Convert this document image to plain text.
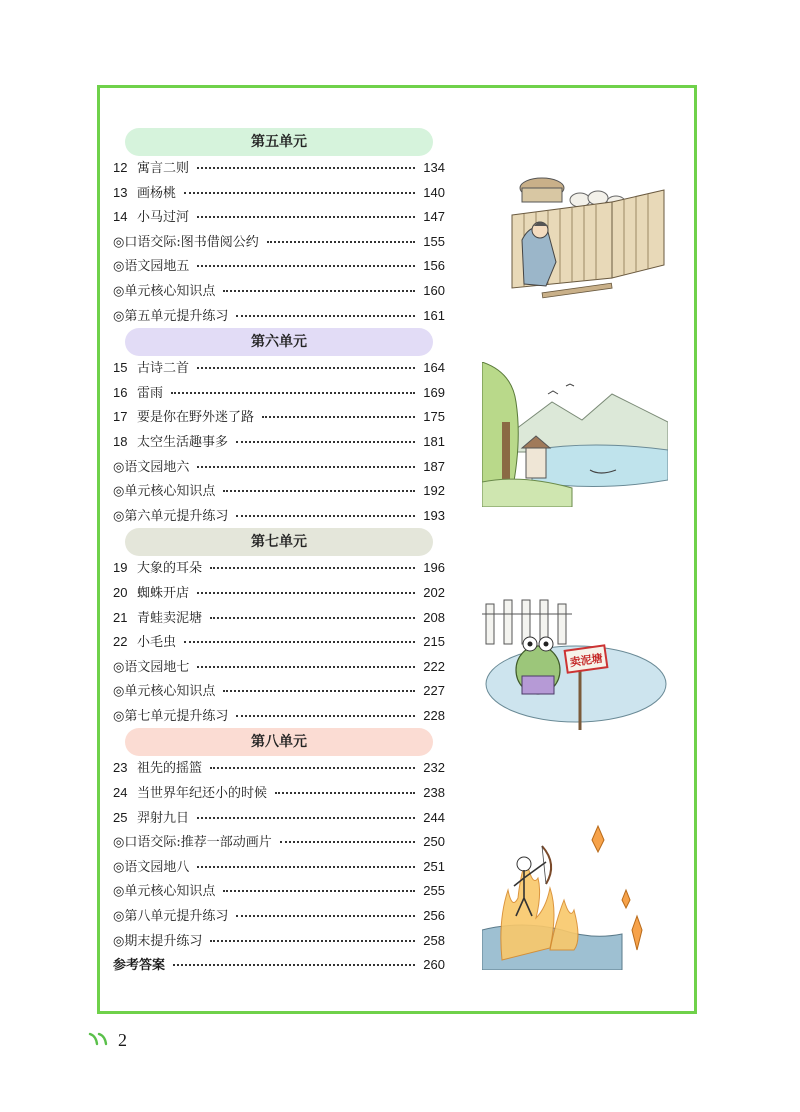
第五单元
12 寓言二则	134
13 画杨桃	140
14 小马过河	147
◎口语交际:图书借阅公约	155
◎语文园地五	156
◎单元核心知识点	160
◎第五单元提升练习	161
第六单元
15 古诗二首	164
16 雷雨	169
17 要是你在野外迷了路	175
18 太空生活趣事多	181
◎语文园地六	187
◎单元核心知识点	192
◎第六单元提升练习	193
第七单元
19 大象的耳朵	196
20 蜘蛛开店	202
21 青蛙卖泥塘	208
22 小毛虫	215
◎语文园地七	222
◎单元核心知识点	227
◎第七单元提升练习	228
第八单元
23 祖先的摇篮	232
24 当世界年纪还小的时候	238
25 羿射九日	244
◎口语交际:推荐一部动画片	250
◎语文园地八	251
◎单元核心知识点	255
◎第八单元提升练习	256
◎期末提升练习	258
参考答案	260
卖泥塘
2
